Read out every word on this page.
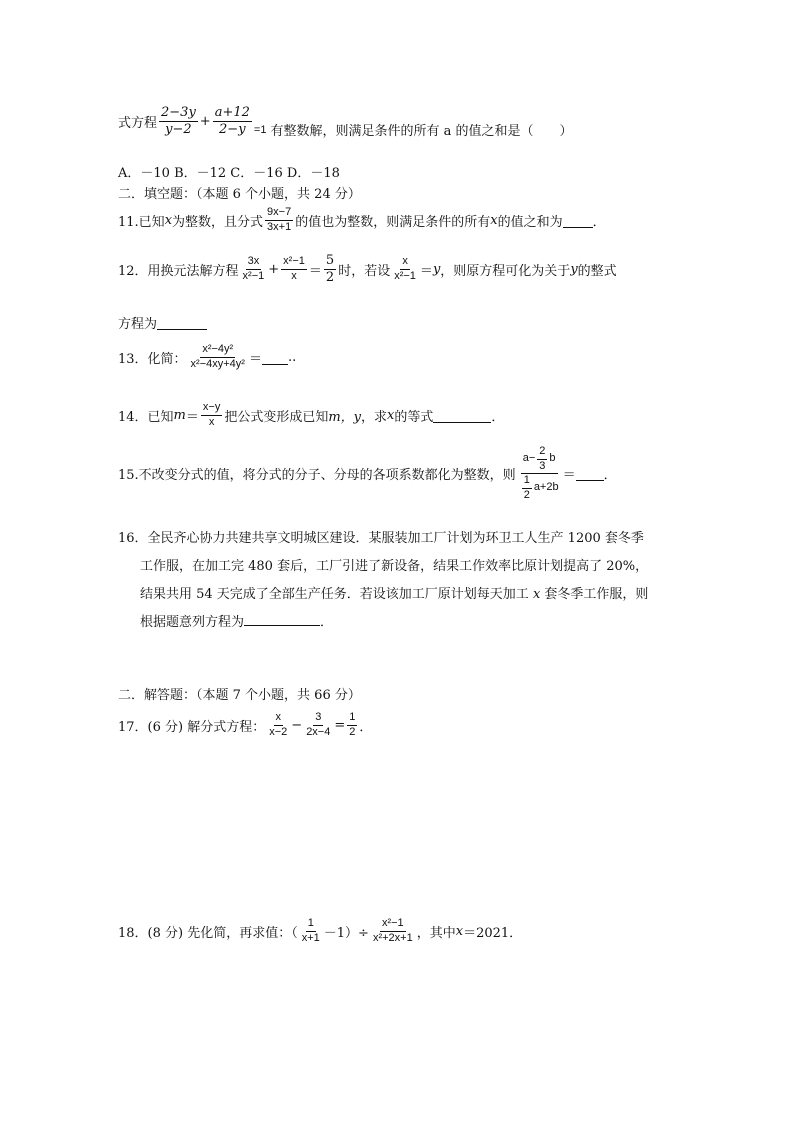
式方程 $\frac{2-3y}{y-2} + \frac{a+12}{2-y} =1$ 有整数解，则满足条件的所有 a 的值之和是（　　）
A．－10 B．－12 C．－16 D．－18
二．填空题：（本题 6 个小题，共 24 分）
11.已知 x 为整数，且分式 $\frac{9x-7}{3x+1}$ 的值也为整数，则满足条件的所有 x 的值之和为 ．
12．用换元法解方程 $\frac{3x}{\text{x²−1}} + \frac{\text{x²−1}}{x} = \frac{5}{2}$ 时，若设 $\frac{x}{\text{x²−1}} = y$ ，则原方程可化为关于 y 的整式
方程为
13．化简： $\frac{\text{x²−4y²}}{\text{x²−4xy+4y²}}$ ＝ ..
14．已知 $m = \frac{x-y}{x}$ 把公式变形成已知 m，y ，求 x 的等式	．
15.不改变分式的值，将分式的分子、分母的各项系数都化为整数，则 $\frac{a- \frac{2}{3} b}{\frac{1}{2} a+2b}$ ＝ ．
16．全民齐心协力共建共享文明城区建设．某服装加工厂计划为环卫工人生产 1200 套冬季
工作服，在加工完 480 套后，工厂引进了新设备，结果工作效率比原计划提高了 20%，
结果共用 54 天完成了全部生产任务．若设该加工厂原计划每天加工 x 套冬季工作服，则
根据题意列方程为	．
二．解答题：（本题 7 个小题，共 66 分）
17．(6 分) 解分式方程： $\frac{x}{x-2} - \frac{3}{2x-4} = \frac{1}{2}$ ．
18．(8 分) 先化简，再求值：（ $\frac{1}{x+1} -1)\div \frac{\text{x²−1}}{\text{x²+2x+1}}$ ，其中 x ＝2021．
